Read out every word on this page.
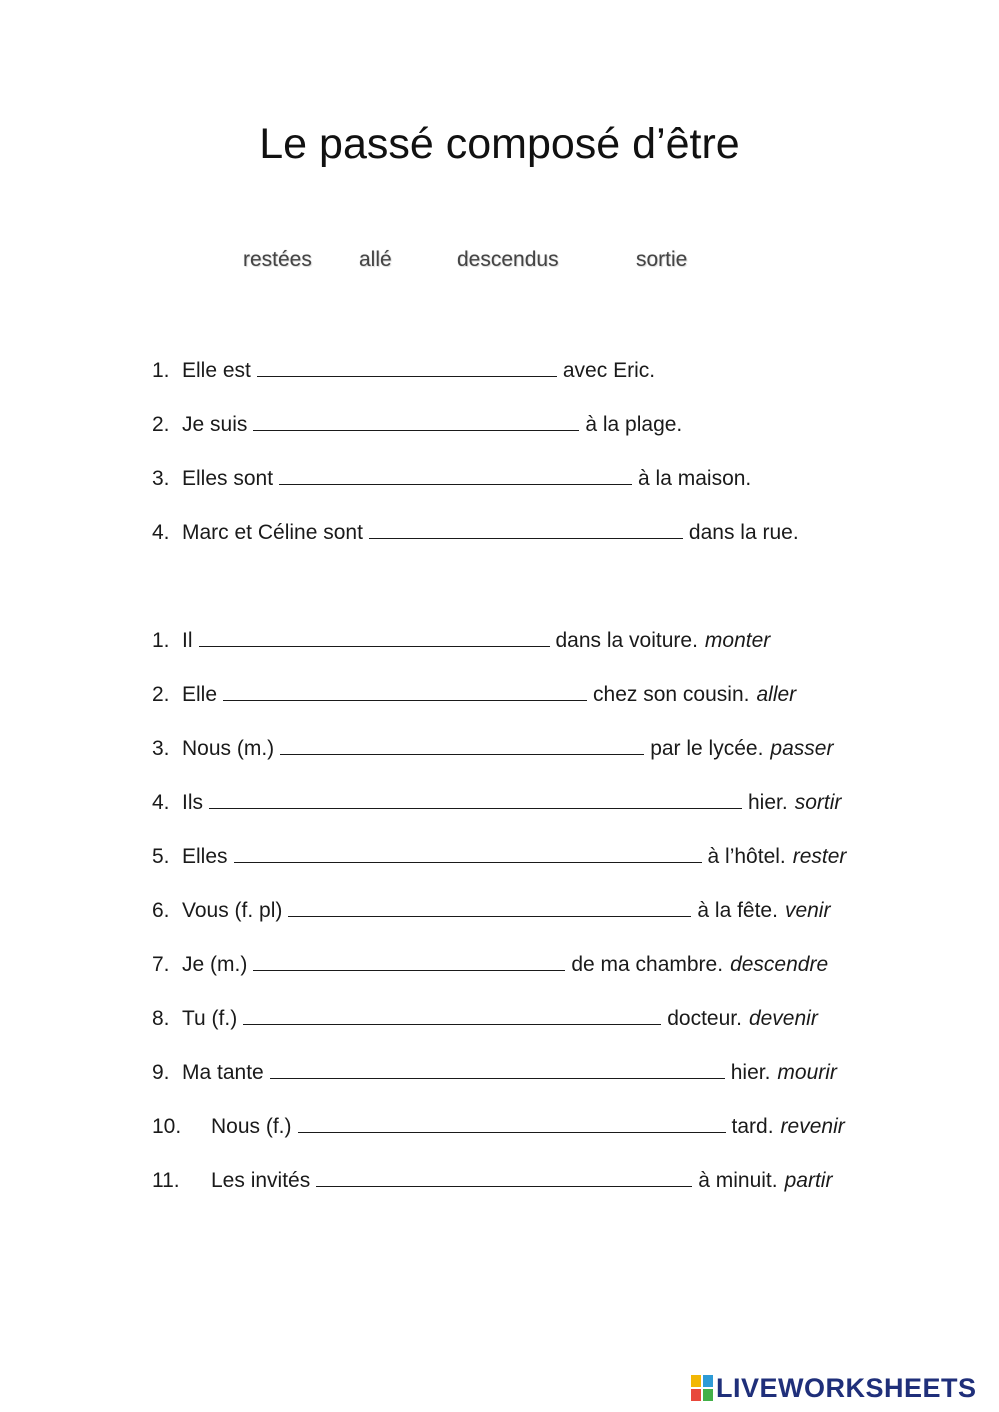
Le passé composé d’être
restées allé	descendus	sortie
1. Elle est	avec Eric.
2. Je suis	à la plage.
3. Elles sont	à la maison.
4. Marc et Céline sont	dans la rue.
1. Il	dans la voiture. monter
2. Elle	chez son cousin. aller
3. Nous (m.)	par le lycée. passer
4. Ils	hier. sortir
5. Elles	à l’hôtel. rester
6. Vous (f. pl)	à la fête. venir
7. Je (m.)	de ma chambre. descendre
8. Tu (f.)	docteur. devenir
9. Ma tante	hier. mourir
10. Nous (f.)	tard. revenir
11. Les invités	à minuit. partir
LIVEWORKSHEETS
